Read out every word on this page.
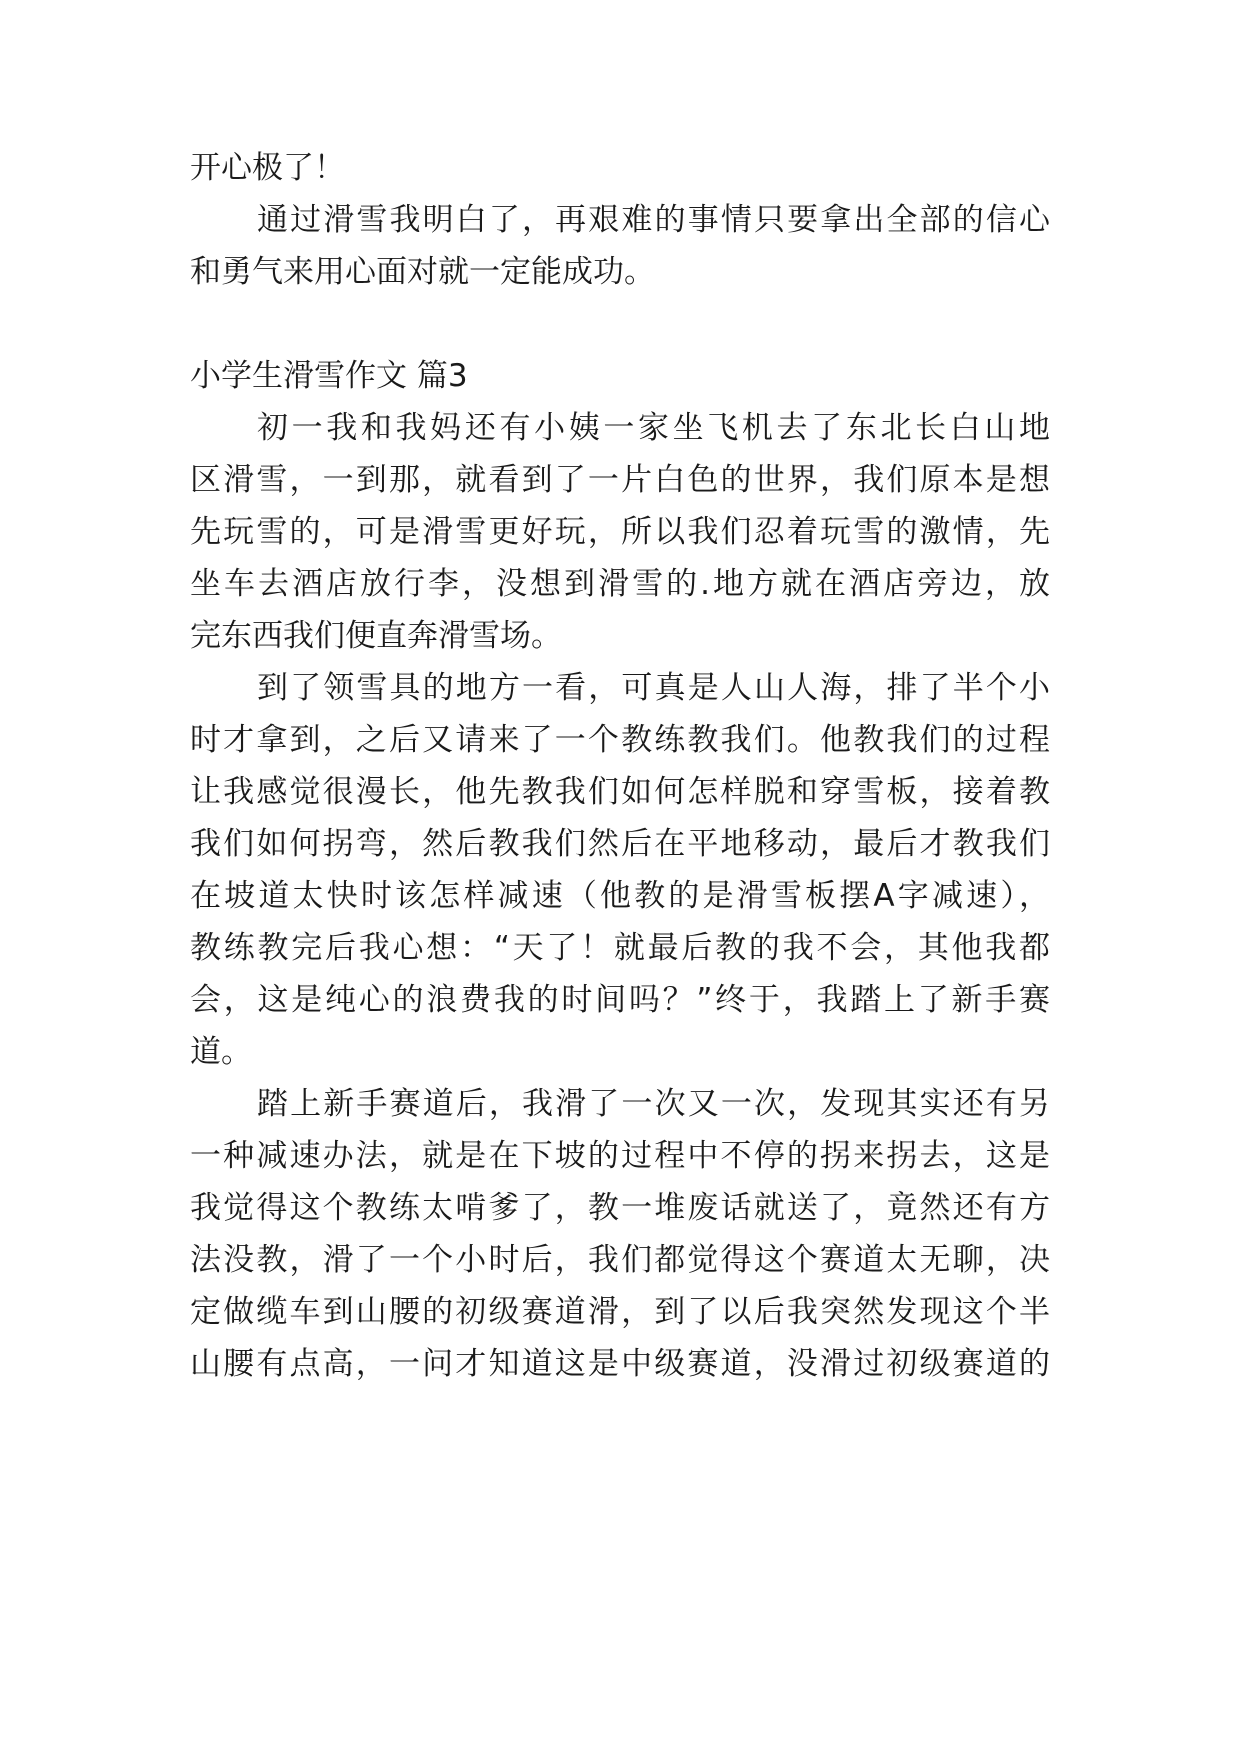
开心极了！
通过滑雪我明白了，再艰难的事情只要拿出全部的信心
和勇气来用心面对就一定能成功。
小学生滑雪作文 篇3
初一我和我妈还有小姨一家坐飞机去了东北长白山地
区滑雪，一到那，就看到了一片白色的世界，我们原本是想
先玩雪的，可是滑雪更好玩，所以我们忍着玩雪的激情，先
坐车去酒店放行李，没想到滑雪的.地方就在酒店旁边，放
完东西我们便直奔滑雪场。
到了领雪具的地方一看，可真是人山人海，排了半个小
时才拿到，之后又请来了一个教练教我们。他教我们的过程
让我感觉很漫长，他先教我们如何怎样脱和穿雪板，接着教
我们如何拐弯，然后教我们然后在平地移动，最后才教我们
在坡道太快时该怎样减速（他教的是滑雪板摆A字减速），
教练教完后我心想：“天了！就最后教的我不会，其他我都
会，这是纯心的浪费我的时间吗？”终于，我踏上了新手赛
道。
踏上新手赛道后，我滑了一次又一次，发现其实还有另
一种减速办法，就是在下坡的过程中不停的拐来拐去，这是
我觉得这个教练太啃爹了，教一堆废话就送了，竟然还有方
法没教，滑了一个小时后，我们都觉得这个赛道太无聊，决
定做缆车到山腰的初级赛道滑，到了以后我突然发现这个半
山腰有点高，一问才知道这是中级赛道，没滑过初级赛道的
